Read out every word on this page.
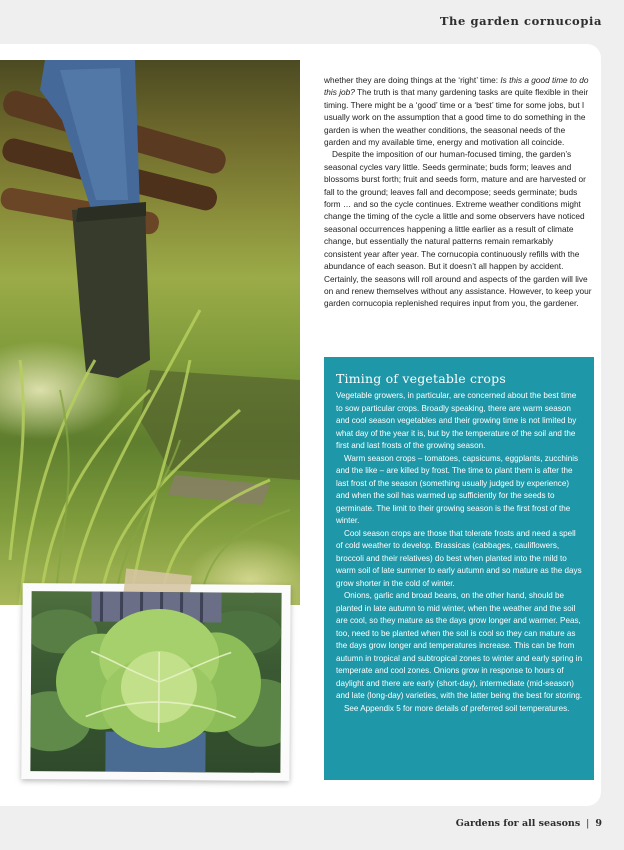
The garden cornucopia

whether they are doing things at the ‘right’ time: Is this a good time to do this job? The truth is that many gardening tasks are quite flexible in their timing. There might be a ‘good’ time or a ‘best’ time for some jobs, but I usually work on the assumption that a good time to do something in the garden is when the weather conditions, the seasonal needs of the garden and my available time, energy and motivation all coincide.

Despite the imposition of our human-focused timing, the garden’s seasonal cycles vary little. Seeds germinate; buds form; leaves and blossoms burst forth; fruit and seeds form, mature and are harvested or fall to the ground; leaves fall and decompose; seeds germinate; buds form … and so the cycle continues. Extreme weather conditions might change the timing of the cycle a little and some observers have noticed seasonal occurrences happening a little earlier as a result of climate change, but essentially the natural patterns remain remarkably consistent year after year. The cornucopia continuously refills with the abundance of each season. But it doesn’t all happen by accident. Certainly, the seasons will roll around and aspects of the garden will live on and renew themselves without any assistance. However, to keep your garden cornucopia replenished requires input from you, the gardener.

Timing of vegetable crops

Vegetable growers, in particular, are concerned about the best time to sow particular crops. Broadly speaking, there are warm season and cool season vegetables and their growing time is not limited by what day of the year it is, but by the temperature of the soil and the first and last frosts of the growing season.

Warm season crops – tomatoes, capsicums, eggplants, zucchinis and the like – are killed by frost. The time to plant them is after the last frost of the season (something usually judged by experience) and when the soil has warmed up sufficiently for the seeds to germinate. The limit to their growing season is the first frost of the winter.

Cool season crops are those that tolerate frosts and need a spell of cold weather to develop. Brassicas (cabbages, cauliflowers, broccoli and their relatives) do best when planted into the mild to warm soil of late summer to early autumn and so mature as the days grow shorter in the cold of winter.

Onions, garlic and broad beans, on the other hand, should be planted in late autumn to mid winter, when the weather and the soil are cool, so they mature as the days grow longer and warmer. Peas, too, need to be planted when the soil is cool so they can mature as the days grow longer and temperatures increase. This can be from autumn in tropical and subtropical zones to winter and early spring in temperate and cool zones. Onions grow in response to hours of daylight and there are early (short-day), intermediate (mid-season) and late (long-day) varieties, with the latter being the best for storing.

See Appendix 5 for more details of preferred soil temperatures.

Gardens for all seasons | 9
